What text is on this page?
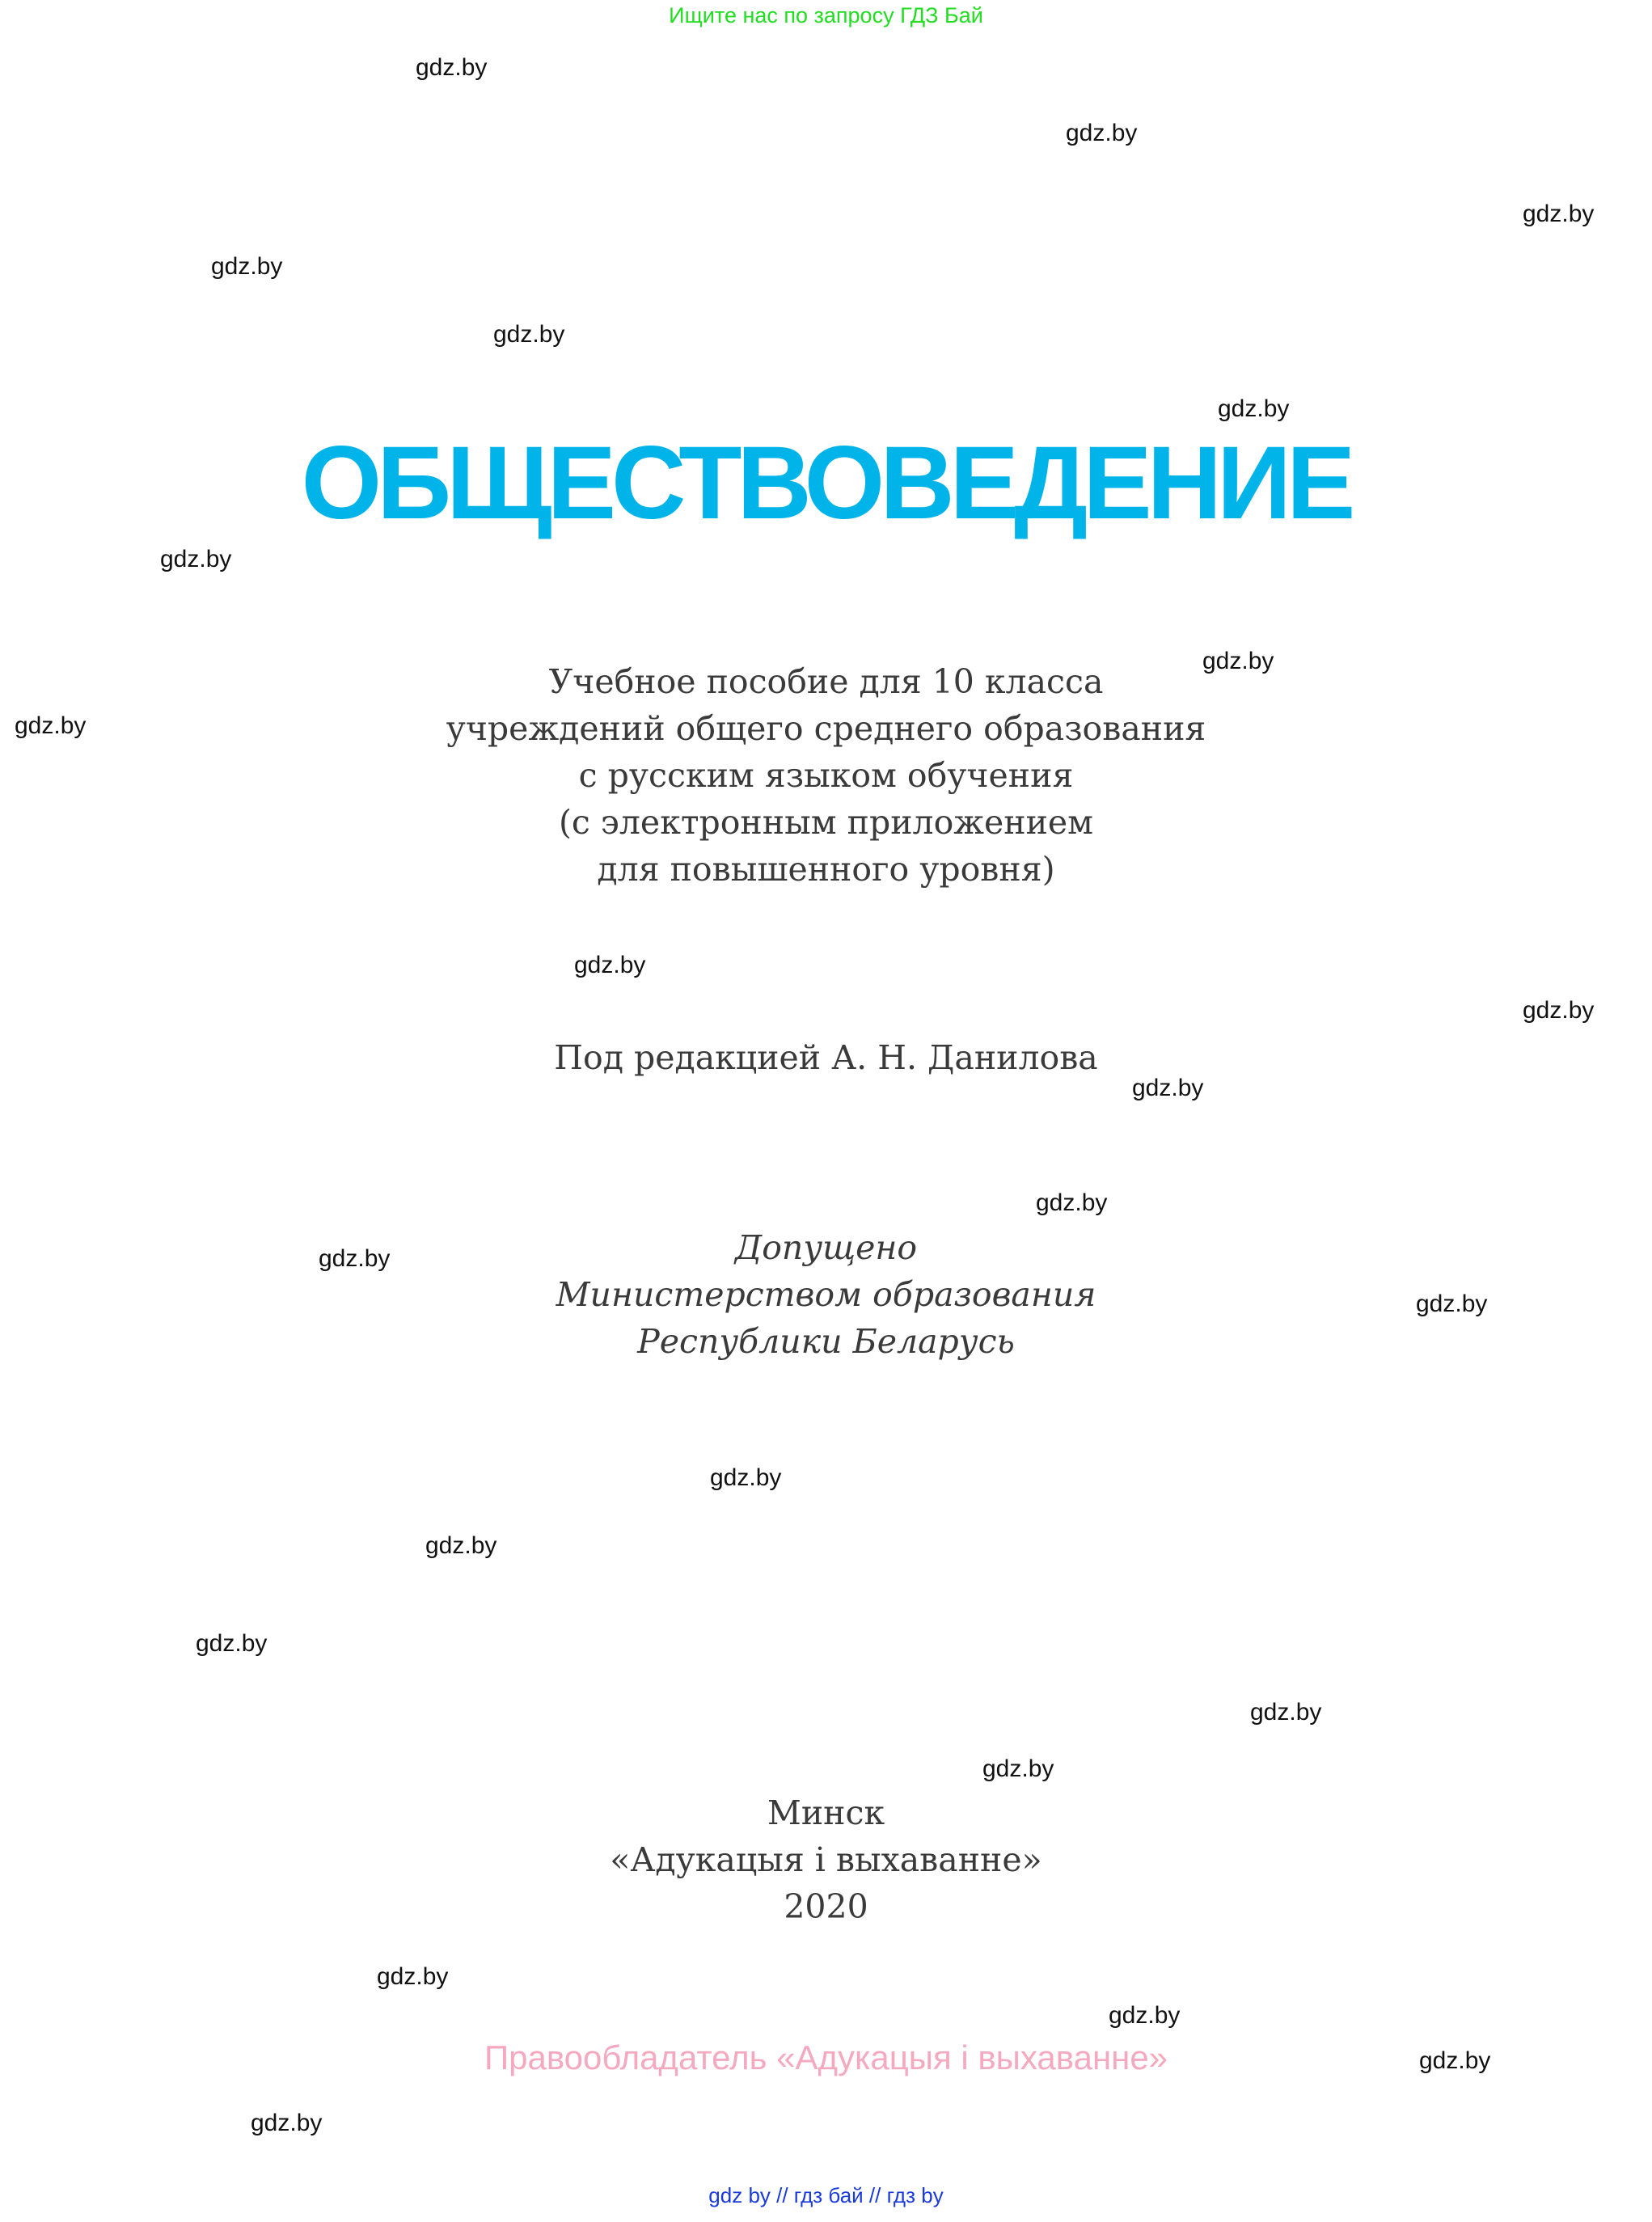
Ищите нас по запросу ГДЗ Бай
ОБЩЕСТВОВЕДЕНИЕ
Учебное пособие для 10 класса
учреждений общего среднего образования
с русским языком обучения
(с электронным приложением
для повышенного уровня)
Под редакцией А. Н. Данилова
Допущено
Министерством образования
Республики Беларусь
Минск
«Адукацыя і выхаванне»
2020
Правообладатель «Адукацыя і выхаванне»
gdz by // гдз бай // гдз by
gdz.by
gdz.by
gdz.by
gdz.by
gdz.by
gdz.by
gdz.by
gdz.by
gdz.by
gdz.by
gdz.by
gdz.by
gdz.by
gdz.by
gdz.by
gdz.by
gdz.by
gdz.by
gdz.by
gdz.by
gdz.by
gdz.by
gdz.by
gdz.by
